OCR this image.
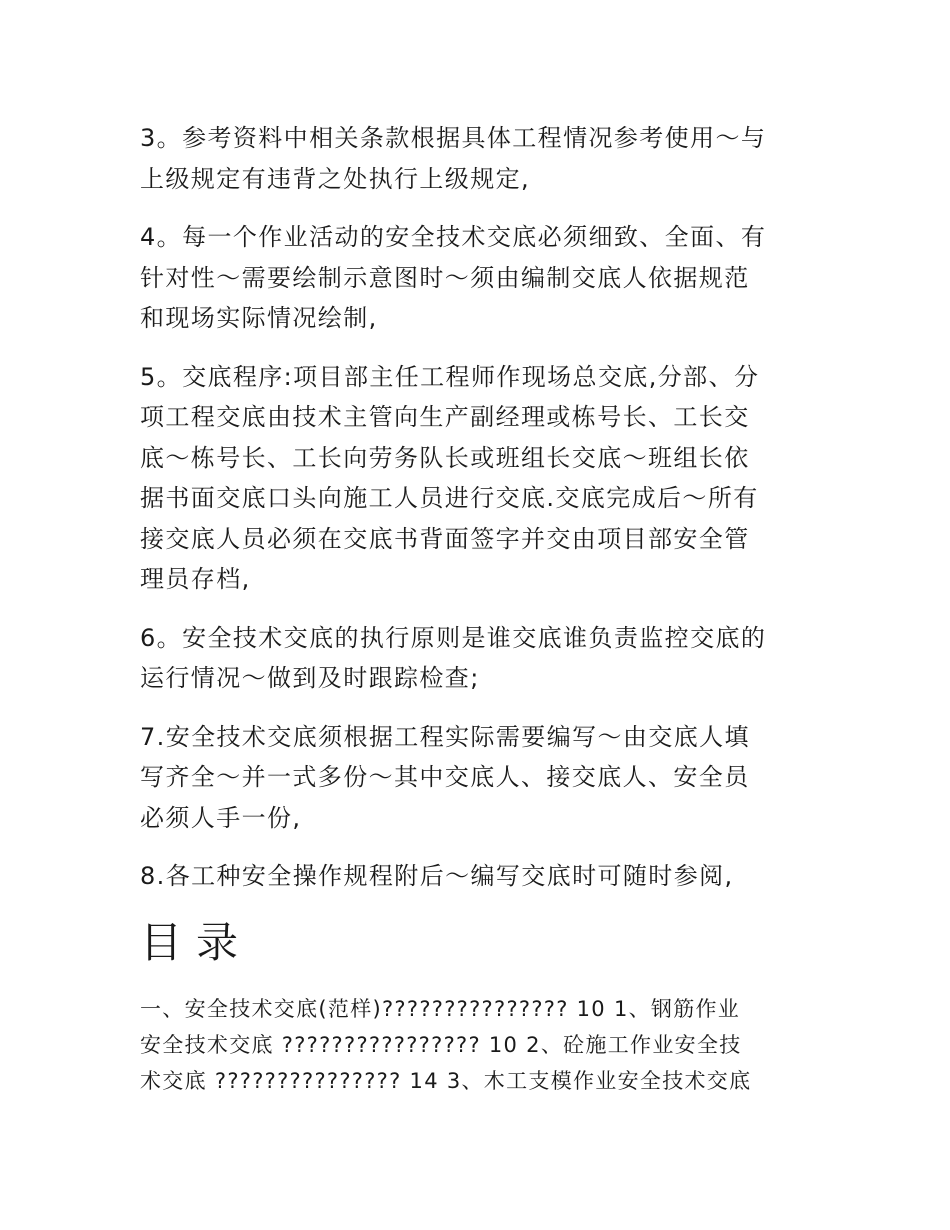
3。参考资料中相关条款根据具体工程情况参考使用～与
上级规定有违背之处执行上级规定,
4。每一个作业活动的安全技术交底必须细致、全面、有
针对性～需要绘制示意图时～须由编制交底人依据规范
和现场实际情况绘制,
5。交底程序:项目部主任工程师作现场总交底,分部、分
项工程交底由技术主管向生产副经理或栋号长、工长交
底～栋号长、工长向劳务队长或班组长交底～班组长依
据书面交底口头向施工人员进行交底.交底完成后～所有
接交底人员必须在交底书背面签字并交由项目部安全管
理员存档,
6。安全技术交底的执行原则是谁交底谁负责监控交底的
运行情况～做到及时跟踪检查;
7.安全技术交底须根据工程实际需要编写～由交底人填
写齐全～并一式多份～其中交底人、接交底人、安全员
必须人手一份,
8.各工种安全操作规程附后～编写交底时可随时参阅,
目录
一、安全技术交底(范样)??????????????? 10 1、钢筋作业
安全技术交底 ???????????????? 10 2、砼施工作业安全技
术交底 ??????????????? 14 3、木工支模作业安全技术交底
